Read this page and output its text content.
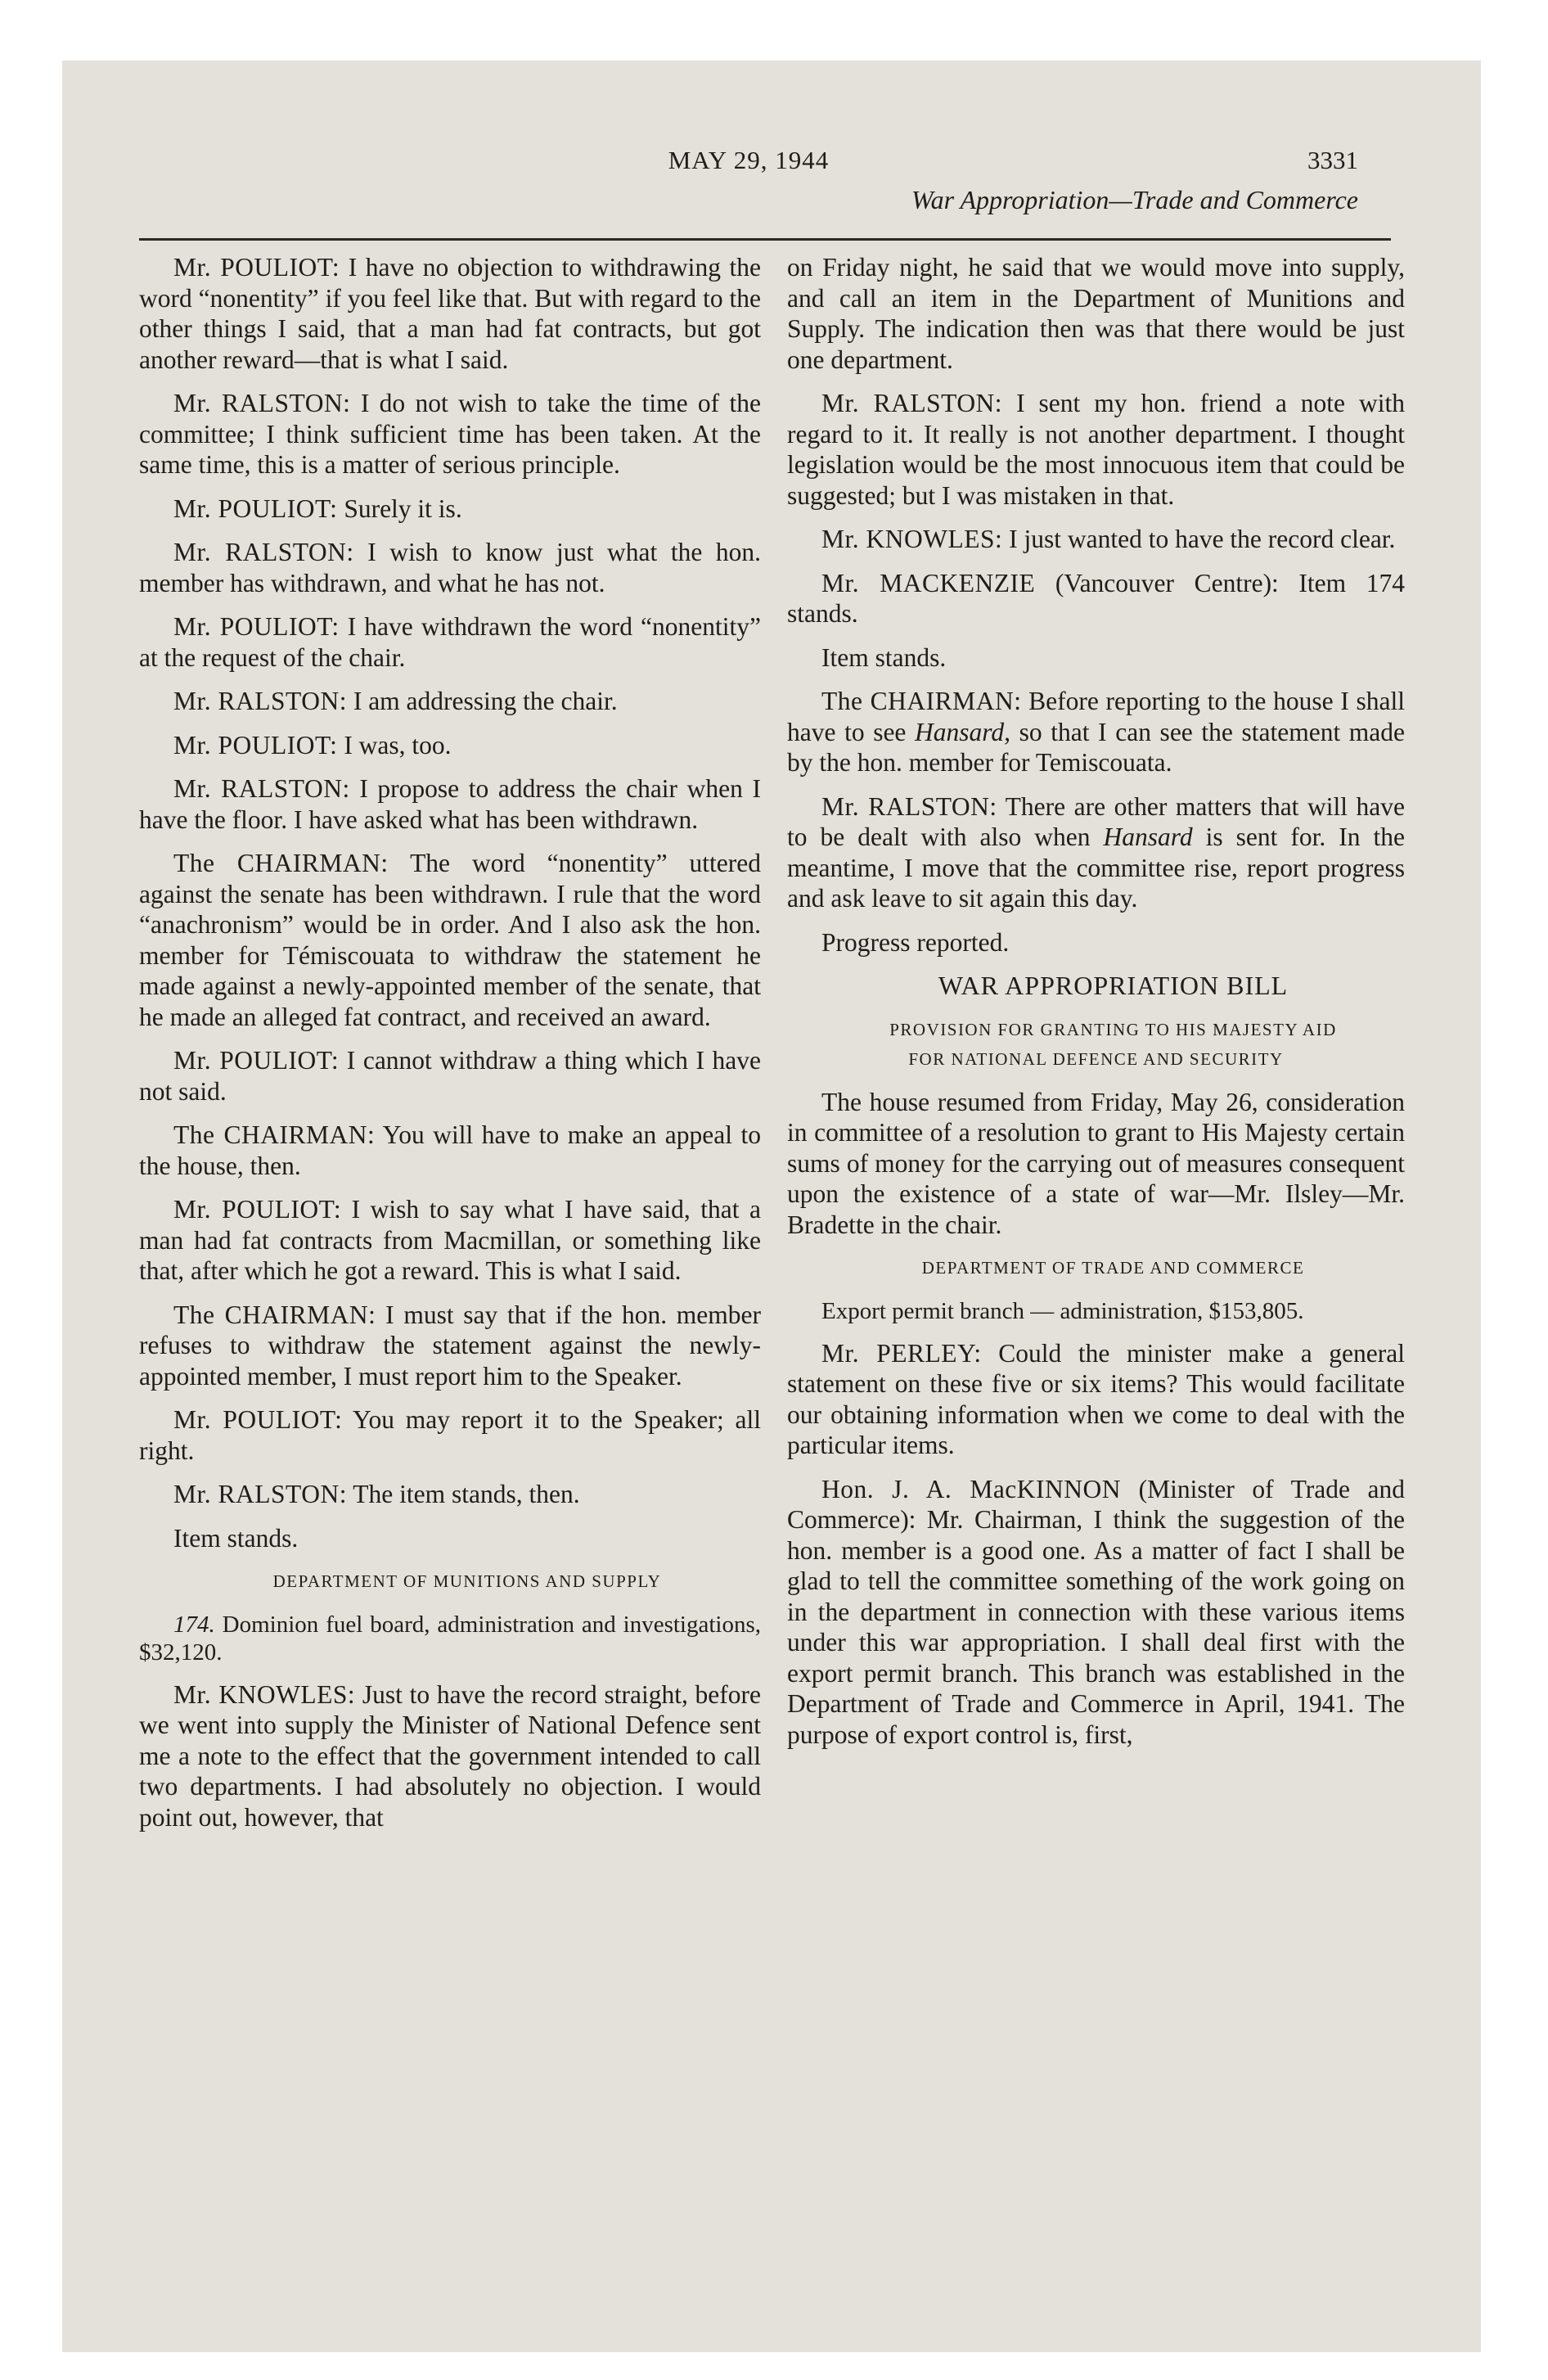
MAY 29, 1944	3331
War Appropriation—Trade and Commerce

Mr. POULIOT: I have no objection to withdrawing the word “nonentity” if you feel like that. But with regard to the other things I said, that a man had fat contracts, but got another reward—that is what I said.

Mr. RALSTON: I do not wish to take the time of the committee; I think sufficient time has been taken. At the same time, this is a matter of serious principle.

Mr. POULIOT: Surely it is.

Mr. RALSTON: I wish to know just what the hon. member has withdrawn, and what he has not.

Mr. POULIOT: I have withdrawn the word “nonentity” at the request of the chair.

Mr. RALSTON: I am addressing the chair.

Mr. POULIOT: I was, too.

Mr. RALSTON: I propose to address the chair when I have the floor. I have asked what has been withdrawn.

The CHAIRMAN: The word “nonentity” uttered against the senate has been withdrawn. I rule that the word “anachronism” would be in order. And I also ask the hon. member for Témiscouata to withdraw the statement he made against a newly-appointed member of the senate, that he made an alleged fat contract, and received an award.

Mr. POULIOT: I cannot withdraw a thing which I have not said.

The CHAIRMAN: You will have to make an appeal to the house, then.

Mr. POULIOT: I wish to say what I have said, that a man had fat contracts from Macmillan, or something like that, after which he got a reward. This is what I said.

The CHAIRMAN: I must say that if the hon. member refuses to withdraw the statement against the newly-appointed member, I must report him to the Speaker.

Mr. POULIOT: You may report it to the Speaker; all right.

Mr. RALSTON: The item stands, then.

Item stands.

DEPARTMENT OF MUNITIONS AND SUPPLY

174. Dominion fuel board, administration and investigations, $32,120.

Mr. KNOWLES: Just to have the record straight, before we went into supply the Minister of National Defence sent me a note to the effect that the government intended to call two departments. I had absolutely no objection. I would point out, however, that

on Friday night, he said that we would move into supply, and call an item in the Department of Munitions and Supply. The indication then was that there would be just one department.

Mr. RALSTON: I sent my hon. friend a note with regard to it. It really is not another department. I thought legislation would be the most innocuous item that could be suggested; but I was mistaken in that.

Mr. KNOWLES: I just wanted to have the record clear.

Mr. MACKENZIE (Vancouver Centre): Item 174 stands.

Item stands.

The CHAIRMAN: Before reporting to the house I shall have to see Hansard, so that I can see the statement made by the hon. member for Temiscouata.

Mr. RALSTON: There are other matters that will have to be dealt with also when Hansard is sent for. In the meantime, I move that the committee rise, report progress and ask leave to sit again this day.

Progress reported.

WAR APPROPRIATION BILL

PROVISION FOR GRANTING TO HIS MAJESTY AID
FOR NATIONAL DEFENCE AND SECURITY

The house resumed from Friday, May 26, consideration in committee of a resolution to grant to His Majesty certain sums of money for the carrying out of measures consequent upon the existence of a state of war—Mr. Ilsley—Mr. Bradette in the chair.

DEPARTMENT OF TRADE AND COMMERCE

Export permit branch — administration, $153,805.

Mr. PERLEY: Could the minister make a general statement on these five or six items? This would facilitate our obtaining information when we come to deal with the particular items.

Hon. J. A. MacKINNON (Minister of Trade and Commerce): Mr. Chairman, I think the suggestion of the hon. member is a good one. As a matter of fact I shall be glad to tell the committee something of the work going on in the department in connection with these various items under this war appropriation. I shall deal first with the export permit branch. This branch was established in the Department of Trade and Commerce in April, 1941. The purpose of export control is, first,
